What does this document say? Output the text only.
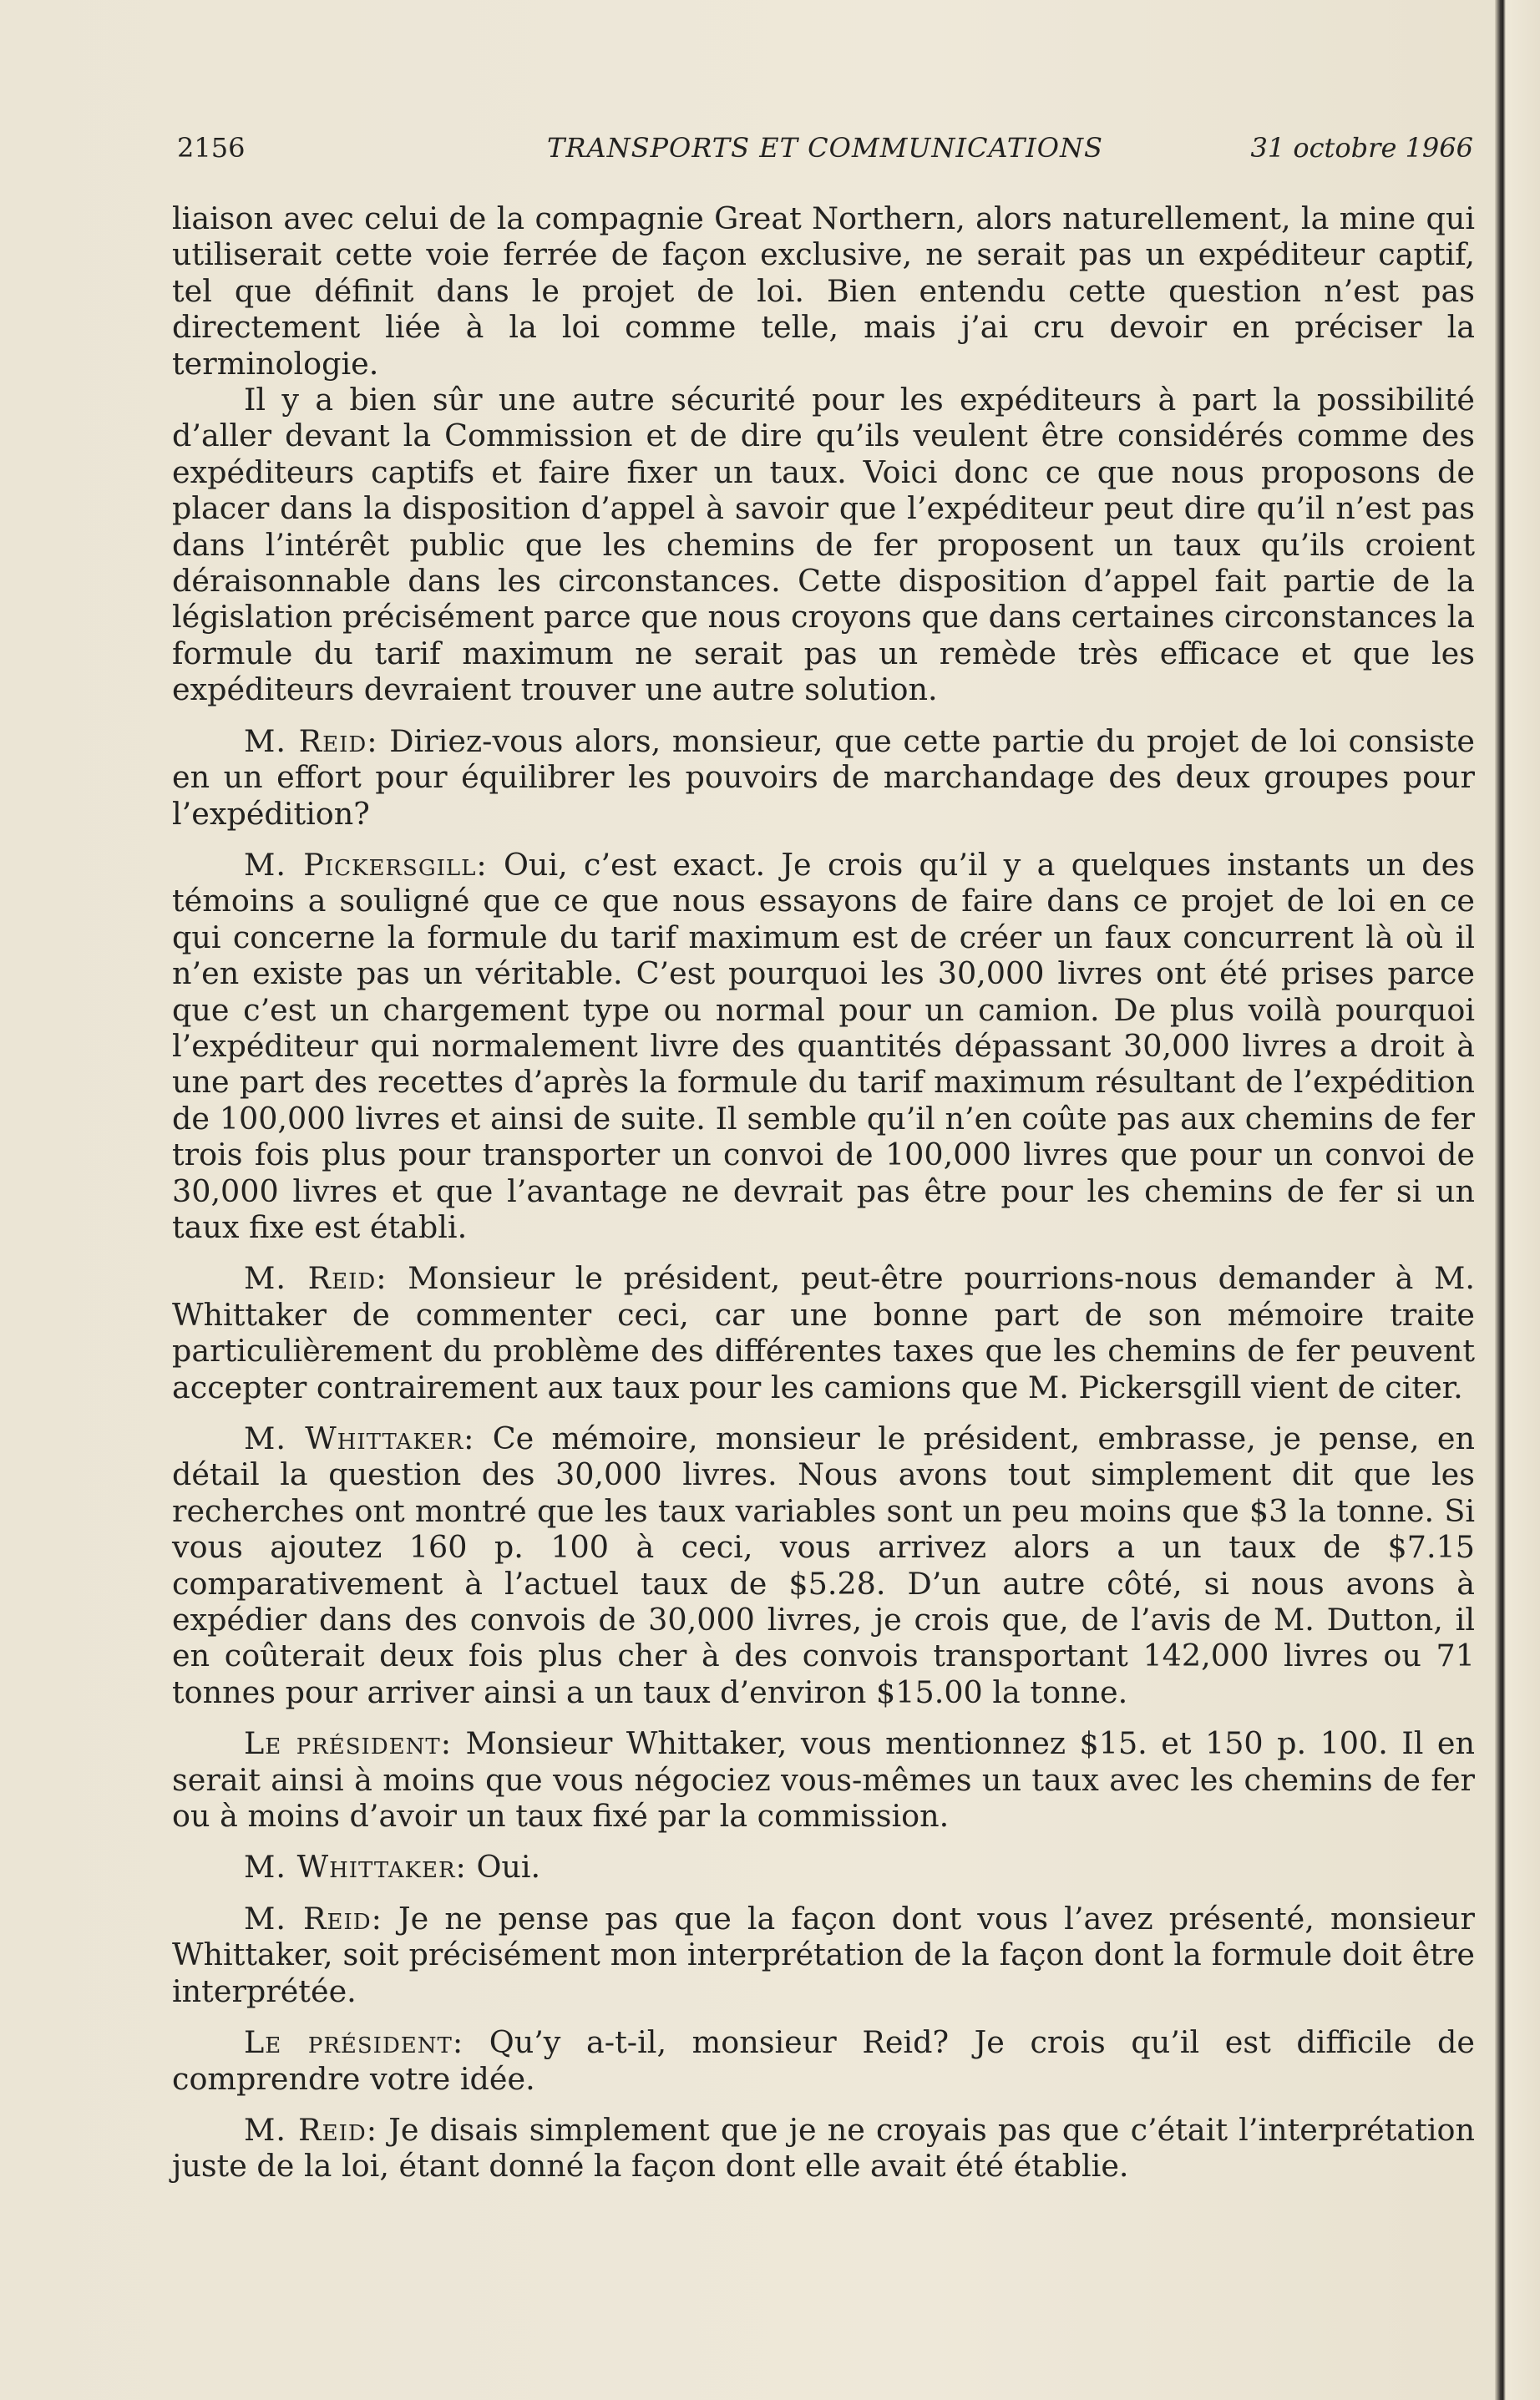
2156	TRANSPORTS ET COMMUNICATIONS	31 octobre 1966

liaison avec celui de la compagnie Great Northern, alors naturellement, la mine qui utiliserait cette voie ferrée de façon exclusive, ne serait pas un expéditeur captif, tel que définit dans le projet de loi. Bien entendu cette question n’est pas directement liée à la loi comme telle, mais j’ai cru devoir en préciser la terminologie.

Il y a bien sûr une autre sécurité pour les expéditeurs à part la possibilité d’aller devant la Commission et de dire qu’ils veulent être considérés comme des expéditeurs captifs et faire fixer un taux. Voici donc ce que nous proposons de placer dans la disposition d’appel à savoir que l’expéditeur peut dire qu’il n’est pas dans l’intérêt public que les chemins de fer proposent un taux qu’ils croient déraisonnable dans les circonstances. Cette disposition d’appel fait partie de la législation précisément parce que nous croyons que dans certaines circonstances la formule du tarif maximum ne serait pas un remède très efficace et que les expéditeurs devraient trouver une autre solution.

M. Reid: Diriez-vous alors, monsieur, que cette partie du projet de loi consiste en un effort pour équilibrer les pouvoirs de marchandage des deux groupes pour l’expédition?

M. Pickersgill: Oui, c’est exact. Je crois qu’il y a quelques instants un des témoins a souligné que ce que nous essayons de faire dans ce projet de loi en ce qui concerne la formule du tarif maximum est de créer un faux concurrent là où il n’en existe pas un véritable. C’est pourquoi les 30,000 livres ont été prises parce que c’est un chargement type ou normal pour un camion. De plus voilà pourquoi l’expéditeur qui normalement livre des quantités dépassant 30,000 livres a droit à une part des recettes d’après la formule du tarif maximum résultant de l’expédition de 100,000 livres et ainsi de suite. Il semble qu’il n’en coûte pas aux chemins de fer trois fois plus pour transporter un convoi de 100,000 livres que pour un convoi de 30,000 livres et que l’avantage ne devrait pas être pour les chemins de fer si un taux fixe est établi.

M. Reid: Monsieur le président, peut-être pourrions-nous demander à M. Whittaker de commenter ceci, car une bonne part de son mémoire traite particulièrement du problème des différentes taxes que les chemins de fer peuvent accepter contrairement aux taux pour les camions que M. Pickersgill vient de citer.

M. Whittaker: Ce mémoire, monsieur le président, embrasse, je pense, en détail la question des 30,000 livres. Nous avons tout simplement dit que les recherches ont montré que les taux variables sont un peu moins que $3 la tonne. Si vous ajoutez 160 p. 100 à ceci, vous arrivez alors a un taux de $7.15 comparativement à l’actuel taux de $5.28. D’un autre côté, si nous avons à expédier dans des convois de 30,000 livres, je crois que, de l’avis de M. Dutton, il en coûterait deux fois plus cher à des convois transportant 142,000 livres ou 71 tonnes pour arriver ainsi a un taux d’environ $15.00 la tonne.

Le président: Monsieur Whittaker, vous mentionnez $15. et 150 p. 100. Il en serait ainsi à moins que vous négociez vous-mêmes un taux avec les chemins de fer ou à moins d’avoir un taux fixé par la commission.

M. Whittaker: Oui.

M. Reid: Je ne pense pas que la façon dont vous l’avez présenté, monsieur Whittaker, soit précisément mon interprétation de la façon dont la formule doit être interprétée.

Le président: Qu’y a-t-il, monsieur Reid? Je crois qu’il est difficile de comprendre votre idée.

M. Reid: Je disais simplement que je ne croyais pas que c’était l’interprétation juste de la loi, étant donné la façon dont elle avait été établie.
